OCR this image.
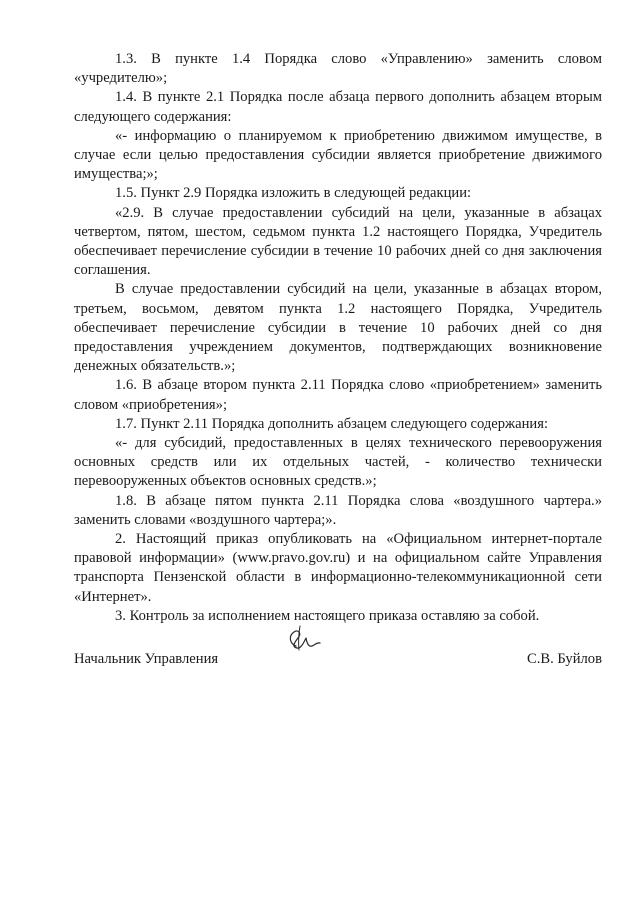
1.3. В пункте 1.4 Порядка слово «Управлению» заменить словом «учредителю»;

1.4. В пункте 2.1 Порядка после абзаца первого дополнить абзацем вторым следующего содержания:

«- информацию о планируемом к приобретению движимом имуществе, в случае если целью предоставления субсидии является приобретение движимого имущества;»;

1.5. Пункт 2.9 Порядка изложить в следующей редакции:

«2.9. В случае предоставлении субсидий на цели, указанные в абзацах четвертом, пятом, шестом, седьмом пункта 1.2 настоящего Порядка, Учредитель обеспечивает перечисление субсидии в течение 10 рабочих дней со дня заключения соглашения.

В случае предоставлении субсидий на цели, указанные в абзацах втором, третьем, восьмом, девятом пункта 1.2 настоящего Порядка, Учредитель обеспечивает перечисление субсидии в течение 10 рабочих дней со дня предоставления учреждением документов, подтверждающих возникновение денежных обязательств.»;

1.6. В абзаце втором пункта 2.11 Порядка слово «приобретением» заменить словом «приобретения»;

1.7. Пункт 2.11 Порядка дополнить абзацем следующего содержания:

«- для субсидий, предоставленных в целях технического перевооружения основных средств или их отдельных частей, - количество технически перевооруженных объектов основных средств.»;

1.8. В абзаце пятом пункта 2.11 Порядка слова «воздушного чартера.» заменить словами «воздушного чартера;».

2. Настоящий приказ опубликовать на «Официальном интернет-портале правовой информации» (www.pravo.gov.ru) и на официальном сайте Управления транспорта Пензенской области в информационно-телекоммуникационной сети «Интернет».

3. Контроль за исполнением настоящего приказа оставляю за собой.

Начальник Управления	С.В. Буйлов
